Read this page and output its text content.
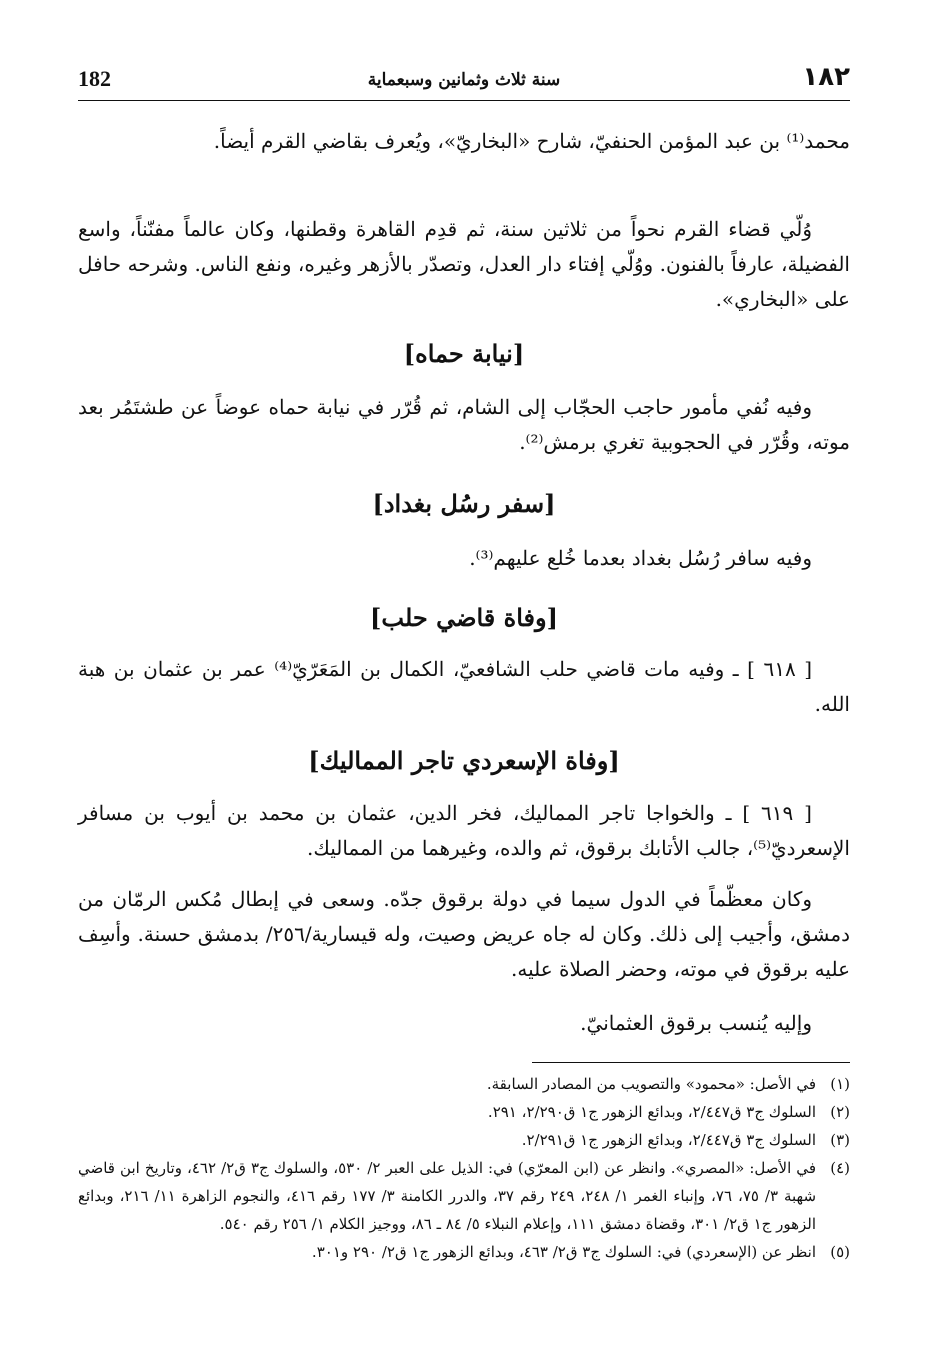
١٨٢
سنة ثلاث وثمانين وسبعماية
182

محمد⁽¹⁾ بن عبد المؤمن الحنفيّ، شارح «البخاريّ»، ويُعرف بقاضي القرم أيضاً.

وُلّي قضاء القرم نحواً من ثلاثين سنة، ثم قدِم القاهرة وقطنها، وكان عالماً مفنّناً، واسع الفضيلة، عارفاً بالفنون. ووُلّي إفتاء دار العدل، وتصدّر بالأزهر وغيره، ونفع الناس. وشرحه حافل على «البخاري».

[نيابة حماه]

وفيه نُفي مأمور حاجب الحجّاب إلى الشام، ثم قُرّر في نيابة حماه عوضاً عن طشتَمُر بعد موته، وقُرّر في الحجوبية تغري برمش⁽²⁾.

[سفر رسُل بغداد]

وفيه سافر رُسُل بغداد بعدما خُلع عليهم⁽³⁾.

[وفاة قاضي حلب]

[ ٦١٨ ] ـ وفيه مات قاضي حلب الشافعيّ، الكمال بن المَعَرّيّ⁽⁴⁾ عمر بن عثمان بن هبة الله.

[وفاة الإسعردي تاجر المماليك]

[ ٦١٩ ] ـ والخواجا تاجر المماليك، فخر الدين، عثمان بن محمد بن أيوب بن مسافر الإسعرديّ⁽⁵⁾، جالب الأتابك برقوق، ثم والده، وغيرهما من المماليك.

وكان معظّماً في الدول سيما في دولة برقوق جدّه. وسعى في إبطال مُكس الرمّان من دمشق، وأجيب إلى ذلك. وكان له جاه عريض وصيت، وله قيسارية/٢٥٦/ بدمشق حسنة. وأسِف عليه برقوق في موته، وحضر الصلاة عليه.

وإليه يُنسب برقوق العثمانيّ.

(١)
في الأصل: «محمود» والتصويب من المصادر السابقة.
(٢)
السلوك ج٣ ق٢/٤٤٧، وبدائع الزهور ج١ ق٢/٢٩٠، ٢٩١.
(٣)
السلوك ج٣ ق٢/٤٤٧، وبدائع الزهور ج١ ق٢/٢٩١.
(٤)
في الأصل: «المصري». وانظر عن (ابن المعرّي) في: الذيل على العبر ٢/ ٥٣٠، والسلوك ج٣ ق٢/ ٤٦٢، وتاريخ ابن قاضي شهبة ٣/ ٧٥، ٧٦، وإنباء الغمر ١/ ٢٤٨، ٢٤٩ رقم ٣٧، والدرر الكامنة ٣/ ١٧٧ رقم ٤١٦، والنجوم الزاهرة ١١/ ٢١٦، وبدائع الزهور ج١ ق٢/ ٣٠١، وقضاة دمشق ١١١، وإعلام النبلاء ٥/ ٨٤ ـ ٨٦، ووجيز الكلام ١/ ٢٥٦ رقم ٥٤٠.
(٥)
انظر عن (الإسعردي) في: السلوك ج٣ ق٢/ ٤٦٣، وبدائع الزهور ج١ ق٢/ ٢٩٠ و٣٠١.
